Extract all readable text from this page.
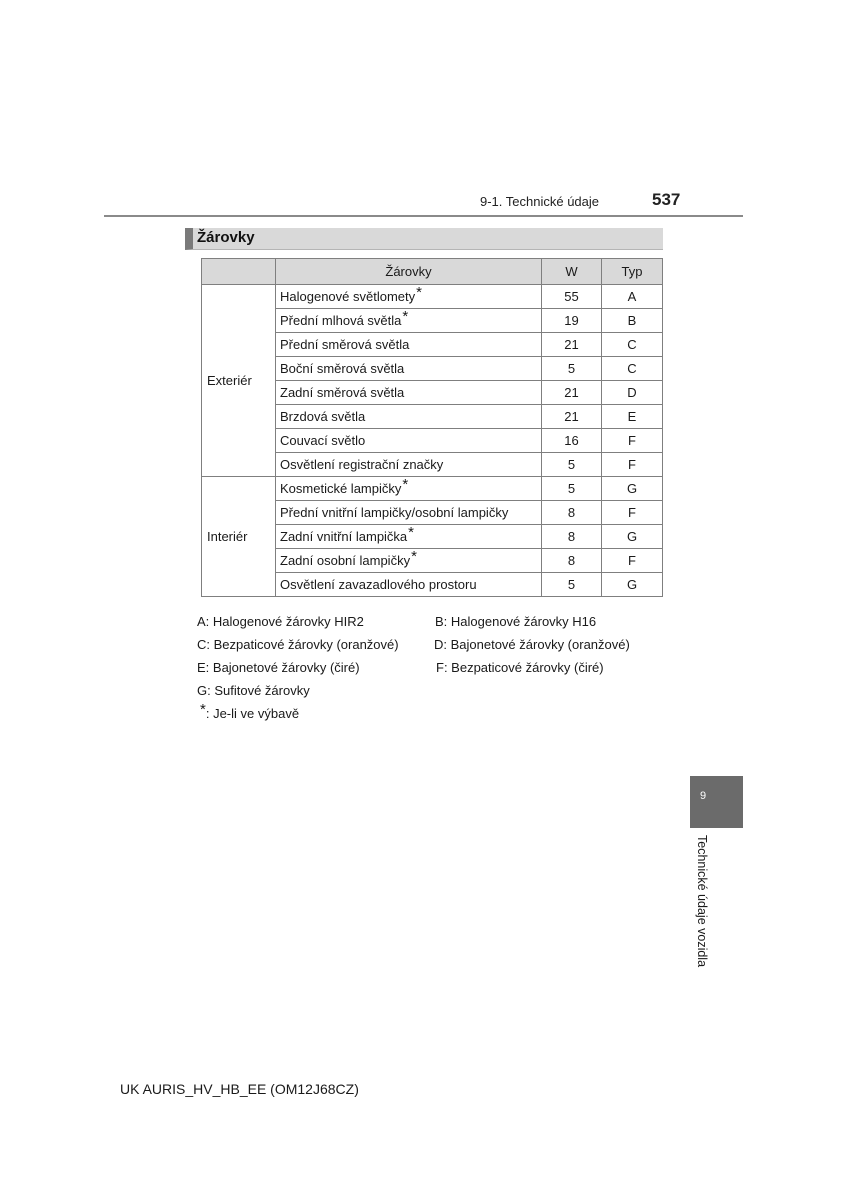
9-1. Technické údaje	537
Žárovky
	Žárovky	W	Typ
Exteriér	Halogenové světlomety*	55	A
	Přední mlhová světla*	19	B
	Přední směrová světla	21	C
	Boční směrová světla	5	C
	Zadní směrová světla	21	D
	Brzdová světla	21	E
	Couvací světlo	16	F
	Osvětlení registrační značky	5	F
Interiér	Kosmetické lampičky*	5	G
	Přední vnitřní lampičky/osobní lampičky	8	F
	Zadní vnitřní lampička*	8	G
	Zadní osobní lampičky*	8	F
	Osvětlení zavazadlového prostoru	5	G
A: Halogenové žárovky HIR2	B: Halogenové žárovky H16
C: Bezpaticové žárovky (oranžové)	D: Bajonetové žárovky (oranžové)
E: Bajonetové žárovky (čiré)	F: Bezpaticové žárovky (čiré)
G: Sufitové žárovky
*: Je-li ve výbavě
9
Technické údaje vozidla
UK AURIS_HV_HB_EE (OM12J68CZ)
